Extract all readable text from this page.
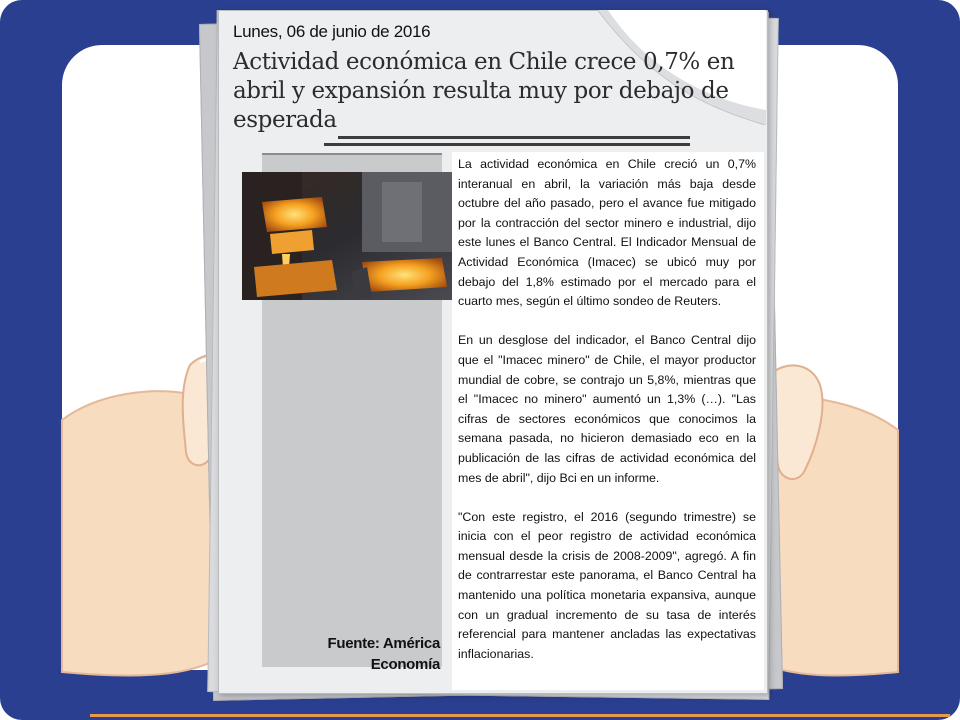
Lunes, 06 de junio de 2016
Actividad económica en Chile crece 0,7% en abril y expansión resulta muy por debajo de esperada
Fuente: América Economía

La actividad económica en Chile creció un 0,7% interanual en abril, la variación más baja desde octubre del año pasado, pero el avance fue mitigado por la contracción del sector minero e industrial, dijo este lunes el Banco Central. El Indicador Mensual de Actividad Económica (Imacec) se ubicó muy por debajo del 1,8% estimado por el mercado para el cuarto mes, según el último sondeo de Reuters.

En un desglose del indicador, el Banco Central dijo que el "Imacec minero" de Chile, el mayor productor mundial de cobre, se contrajo un 5,8%, mientras que el "Imacec no minero" aumentó un 1,3% (…). "Las cifras de sectores económicos que conocimos la semana pasada, no hicieron demasiado eco en la publicación de las cifras de actividad económica del mes de abril", dijo Bci en un informe.

"Con este registro, el 2016 (segundo trimestre) se inicia con el peor registro de actividad económica mensual desde la crisis de 2008-2009", agregó. A fin de contrarrestar este panorama, el Banco Central ha mantenido una política monetaria expansiva, aunque con un gradual incremento de su tasa de interés referencial para mantener ancladas las expectativas inflacionarias.
